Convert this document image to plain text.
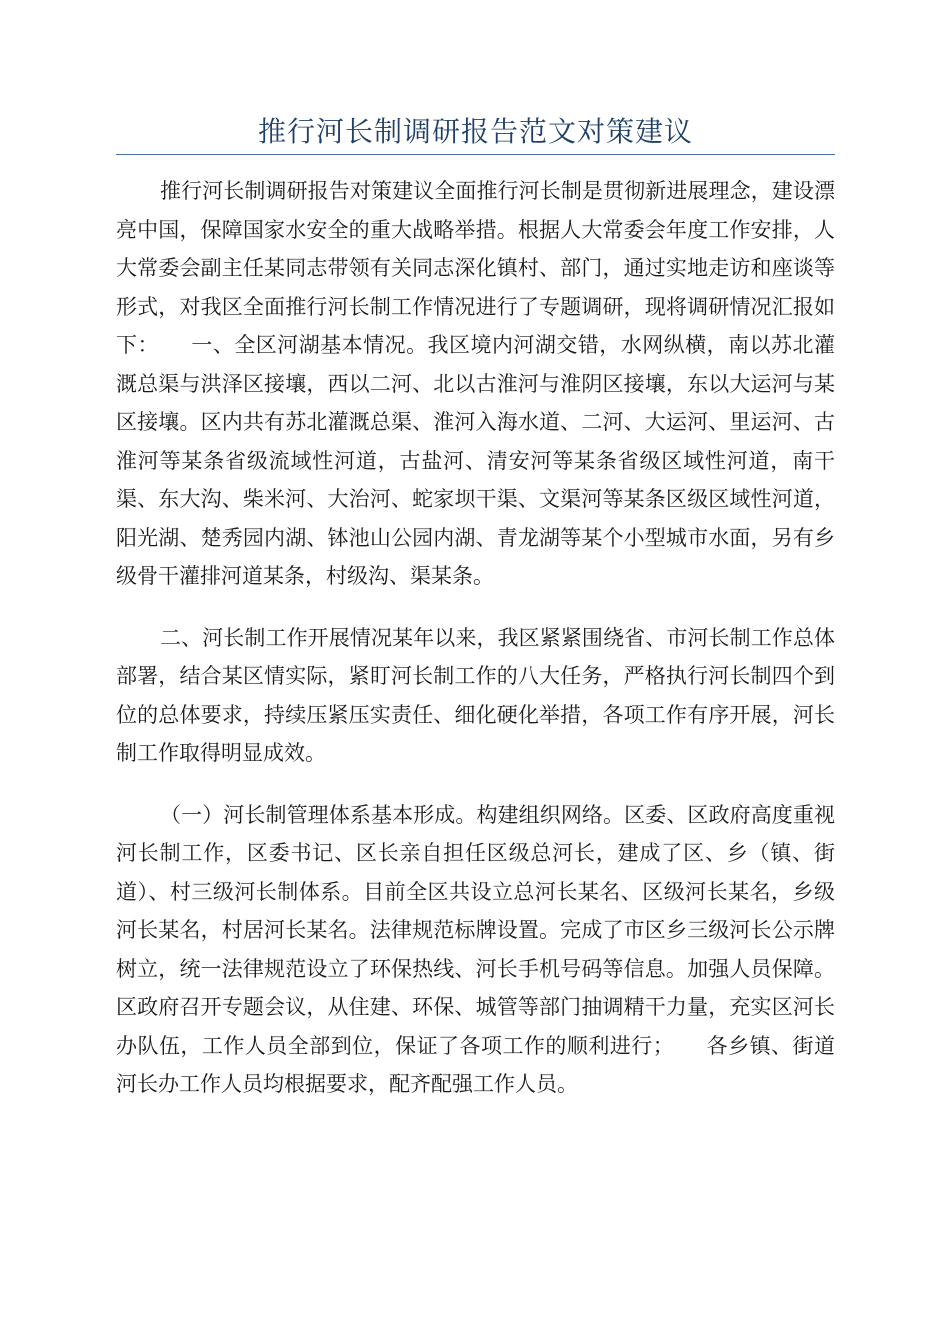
推行河长制调研报告范文对策建议

推行河长制调研报告对策建议全面推行河长制是贯彻新进展理念，建设漂亮中国，保障国家水安全的重大战略举措。根据人大常委会年度工作安排，人大常委会副主任某同志带领有关同志深化镇村、部门，通过实地走访和座谈等形式，对我区全面推行河长制工作情况进行了专题调研，现将调研情况汇报如下：　　一、全区河湖基本情况。我区境内河湖交错，水网纵横，南以苏北灌溉总渠与洪泽区接壤，西以二河、北以古淮河与淮阴区接壤，东以大运河与某区接壤。区内共有苏北灌溉总渠、淮河入海水道、二河、大运河、里运河、古淮河等某条省级流域性河道，古盐河、清安河等某条省级区域性河道，南干渠、东大沟、柴米河、大治河、蛇家坝干渠、文渠河等某条区级区域性河道，阳光湖、楚秀园内湖、钵池山公园内湖、青龙湖等某个小型城市水面，另有乡级骨干灌排河道某条，村级沟、渠某条。

二、河长制工作开展情况某年以来，我区紧紧围绕省、市河长制工作总体部署，结合某区情实际，紧盯河长制工作的八大任务，严格执行河长制四个到位的总体要求，持续压紧压实责任、细化硬化举措，各项工作有序开展，河长制工作取得明显成效。

（一）河长制管理体系基本形成。构建组织网络。区委、区政府高度重视河长制工作，区委书记、区长亲自担任区级总河长，建成了区、乡（镇、街道）、村三级河长制体系。目前全区共设立总河长某名、区级河长某名，乡级河长某名，村居河长某名。法律规范标牌设置。完成了市区乡三级河长公示牌树立，统一法律规范设立了环保热线、河长手机号码等信息。加强人员保障。区政府召开专题会议，从住建、环保、城管等部门抽调精干力量，充实区河长办队伍，工作人员全部到位，保证了各项工作的顺利进行；　　各乡镇、街道河长办工作人员均根据要求，配齐配强工作人员。
